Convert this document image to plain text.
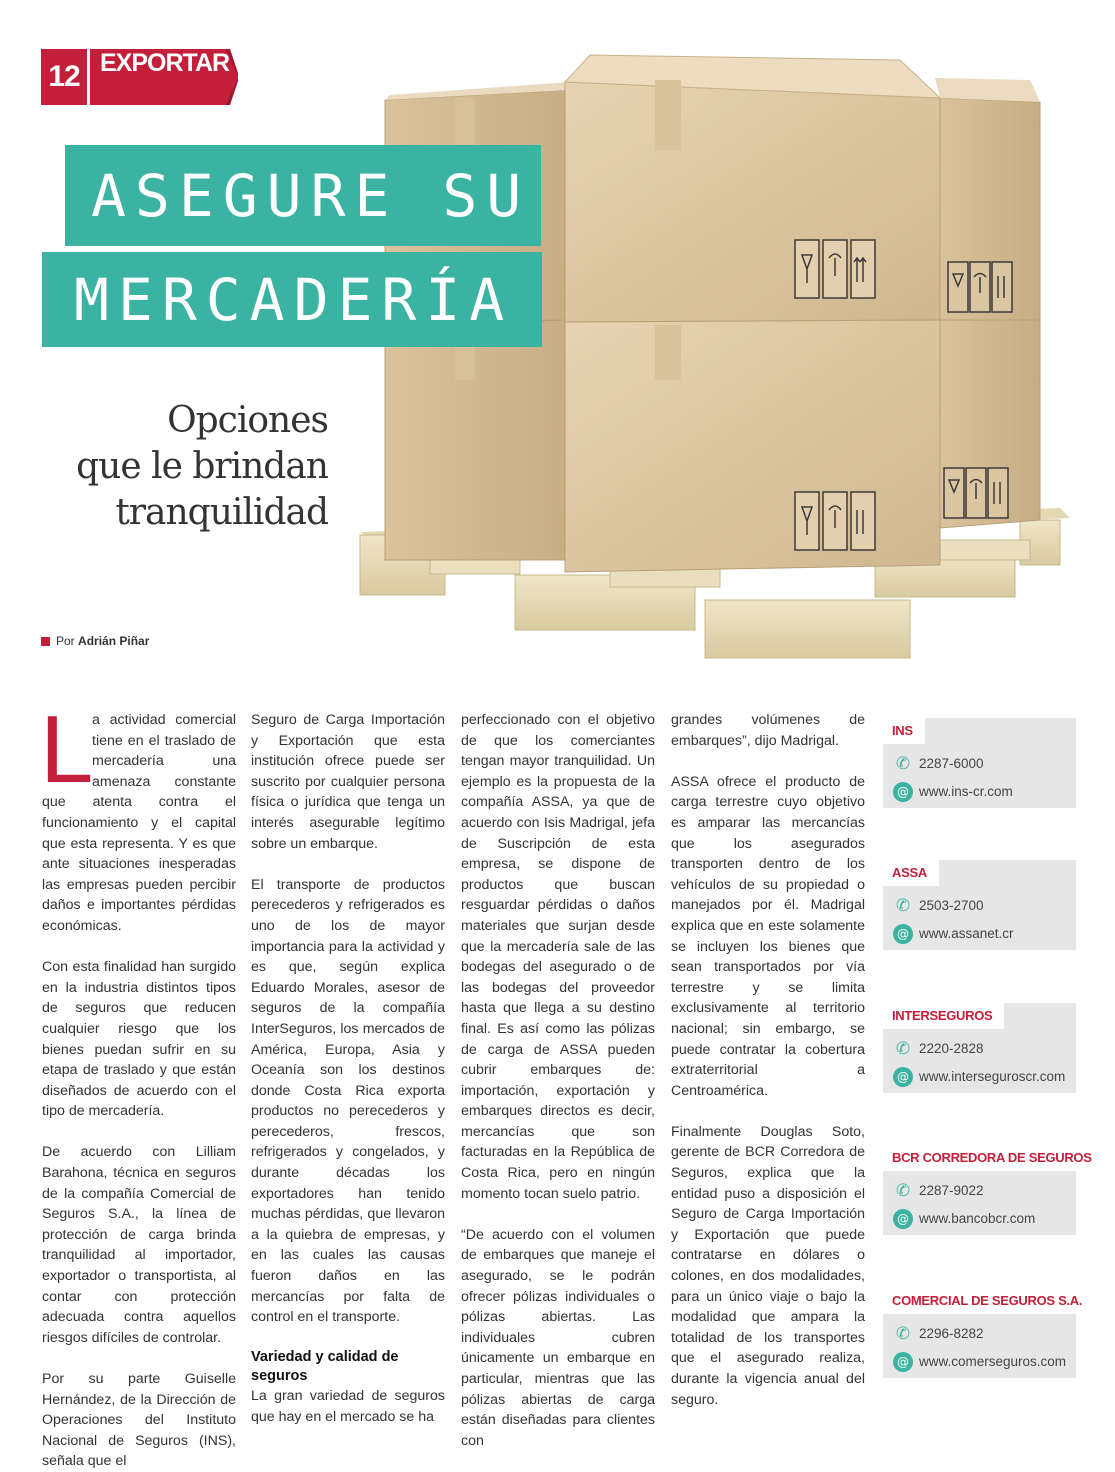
12 EXPORTAR
ASEGURE SU
MERCADERÍA
Opciones
que le brindan
tranquilidad
Por Adrián Piñar

L
a actividad comercial tiene en el traslado de mercadería una amenaza constante que atenta contra el funcionamiento y el capital que esta representa. Y es que ante situaciones inesperadas las empresas pueden percibir daños e importantes pérdidas económicas.

Con esta finalidad han surgido en la industria distintos tipos de seguros que reducen cualquier riesgo que los bienes puedan sufrir en su etapa de traslado y que están diseñados de acuerdo con el tipo de mercadería.

De acuerdo con Lilliam Barahona, técnica en seguros de la compañía Comercial de Seguros S.A., la línea de protección de carga brinda tranquilidad al importador, exportador o transportista, al contar con protección adecuada contra aquellos riesgos difíciles de controlar.

Por su parte Guiselle Hernández, de la Dirección de Operaciones del Instituto Nacional de Seguros (INS), señala que el

Seguro de Carga Importación y Exportación que esta institución ofrece puede ser suscrito por cualquier persona física o jurídica que tenga un interés asegurable legítimo sobre un embarque.

El transporte de productos perecederos y refrigerados es uno de los de mayor importancia para la actividad y es que, según explica Eduardo Morales, asesor de seguros de la compañía InterSeguros, los mercados de América, Europa, Asia y Oceanía son los destinos donde Costa Rica exporta productos no perecederos y perecederos, frescos, refrigerados y congelados, y durante décadas los exportadores han tenido muchas pérdidas, que llevaron a la quiebra de empresas, y en las cuales las causas fueron daños en las mercancías por falta de control en el transporte.

Variedad y calidad de seguros

La gran variedad de seguros que hay en el mercado se ha

perfeccionado con el objetivo de que los comerciantes tengan mayor tranquilidad. Un ejemplo es la propuesta de la compañía ASSA, ya que de acuerdo con Isis Madrigal, jefa de Suscripción de esta empresa, se dispone de productos que buscan resguardar pérdidas o daños materiales que surjan desde que la mercadería sale de las bodegas del asegurado o de las bodegas del proveedor hasta que llega a su destino final. Es así como las pólizas de carga de ASSA pueden cubrir embarques de: importación, exportación y embarques directos es decir, mercancías que son facturadas en la República de Costa Rica, pero en ningún momento tocan suelo patrio.

“De acuerdo con el volumen de embarques que maneje el asegurado, se le podrán ofrecer pólizas individuales o pólizas abiertas. Las individuales cubren únicamente un embarque en particular, mientras que las pólizas abiertas de carga están diseñadas para clientes con

grandes volúmenes de embarques”, dijo Madrigal.

ASSA ofrece el producto de carga terrestre cuyo objetivo es amparar las mercancías que los asegurados transporten dentro de los vehículos de su propiedad o manejados por él. Madrigal explica que en este solamente se incluyen los bienes que sean transportados por vía terrestre y se limita exclusivamente al territorio nacional; sin embargo, se puede contratar la cobertura extraterritorial a Centroamérica.

Finalmente Douglas Soto, gerente de BCR Corredora de Seguros, explica que la entidad puso a disposición el Seguro de Carga Importación y Exportación que puede contratarse en dólares o colones, en dos modalidades, para un único viaje o bajo la modalidad que ampara la totalidad de los transportes que el asegurado realiza, durante la vigencia anual del seguro.

INS
✆ 2287-6000
@ www.ins-cr.com
ASSA
✆ 2503-2700
@ www.assanet.cr
INTERSEGUROS
✆ 2220-2828
@ www.interseguroscr.com
BCR CORREDORA DE SEGUROS
✆ 2287-9022
@ www.bancobcr.com
COMERCIAL DE SEGUROS S.A.
✆ 2296-8282
@ www.comerseguros.com
